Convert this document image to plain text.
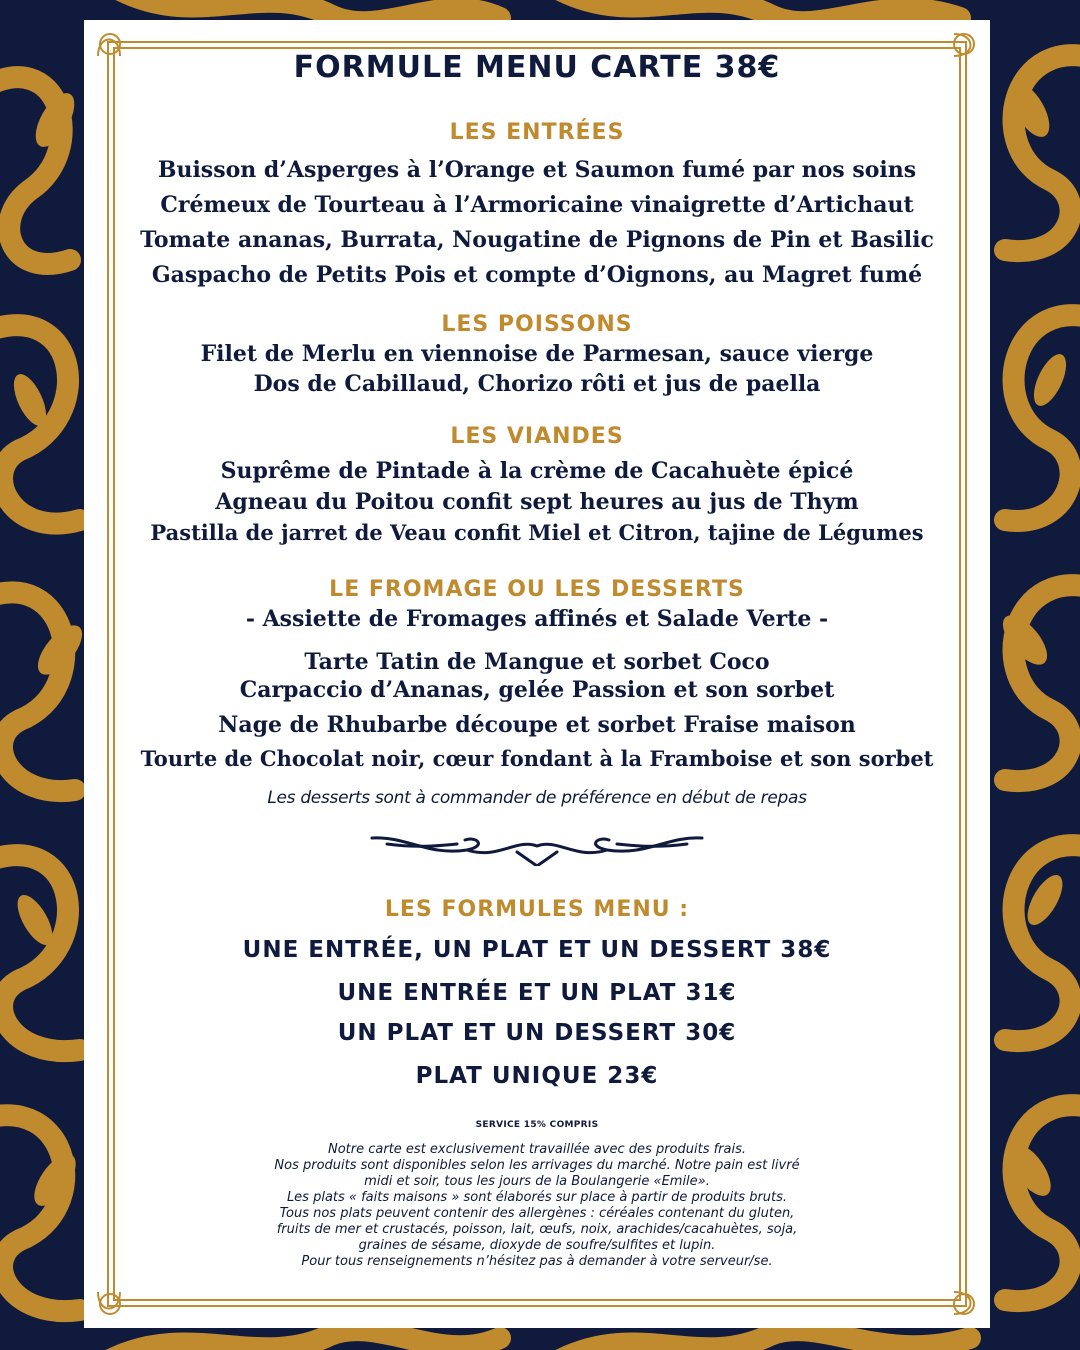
FORMULE MENU CARTE 38€
LES ENTRÉES
Buisson d’Asperges à l’Orange et Saumon fumé par nos soins
Crémeux de Tourteau à l’Armoricaine vinaigrette d’Artichaut
Tomate ananas, Burrata, Nougatine de Pignons de Pin et Basilic
Gaspacho de Petits Pois et compte d’Oignons, au Magret fumé
LES POISSONS
Filet de Merlu en viennoise de Parmesan, sauce vierge
Dos de Cabillaud, Chorizo rôti et jus de paella
LES VIANDES
Suprême de Pintade à la crème de Cacahuète épicé
Agneau du Poitou confit sept heures au jus de Thym
Pastilla de jarret de Veau confit Miel et Citron, tajine de Légumes
LE FROMAGE OU LES DESSERTS
- Assiette de Fromages affinés et Salade Verte -
Tarte Tatin de Mangue et sorbet Coco
Carpaccio d’Ananas, gelée Passion et son sorbet
Nage de Rhubarbe découpe et sorbet Fraise maison
Tourte de Chocolat noir, cœur fondant à la Framboise et son sorbet
Les desserts sont à commander de préférence en début de repas
LES FORMULES MENU :
UNE ENTRÉE, UN PLAT ET UN DESSERT 38€
UNE ENTRÉE ET UN PLAT 31€
UN PLAT ET UN DESSERT 30€
PLAT UNIQUE 23€
SERVICE 15% COMPRIS
Notre carte est exclusivement travaillée avec des produits frais.
Nos produits sont disponibles selon les arrivages du marché. Notre pain est livré
midi et soir, tous les jours de la Boulangerie «Emile».
Les plats « faits maisons » sont élaborés sur place à partir de produits bruts.
Tous nos plats peuvent contenir des allergènes : céréales contenant du gluten,
fruits de mer et crustacés, poisson, lait, œufs, noix, arachides/cacahuètes, soja,
graines de sésame, dioxyde de soufre/sulfites et lupin.
Pour tous renseignements n’hésitez pas à demander à votre serveur/se.
